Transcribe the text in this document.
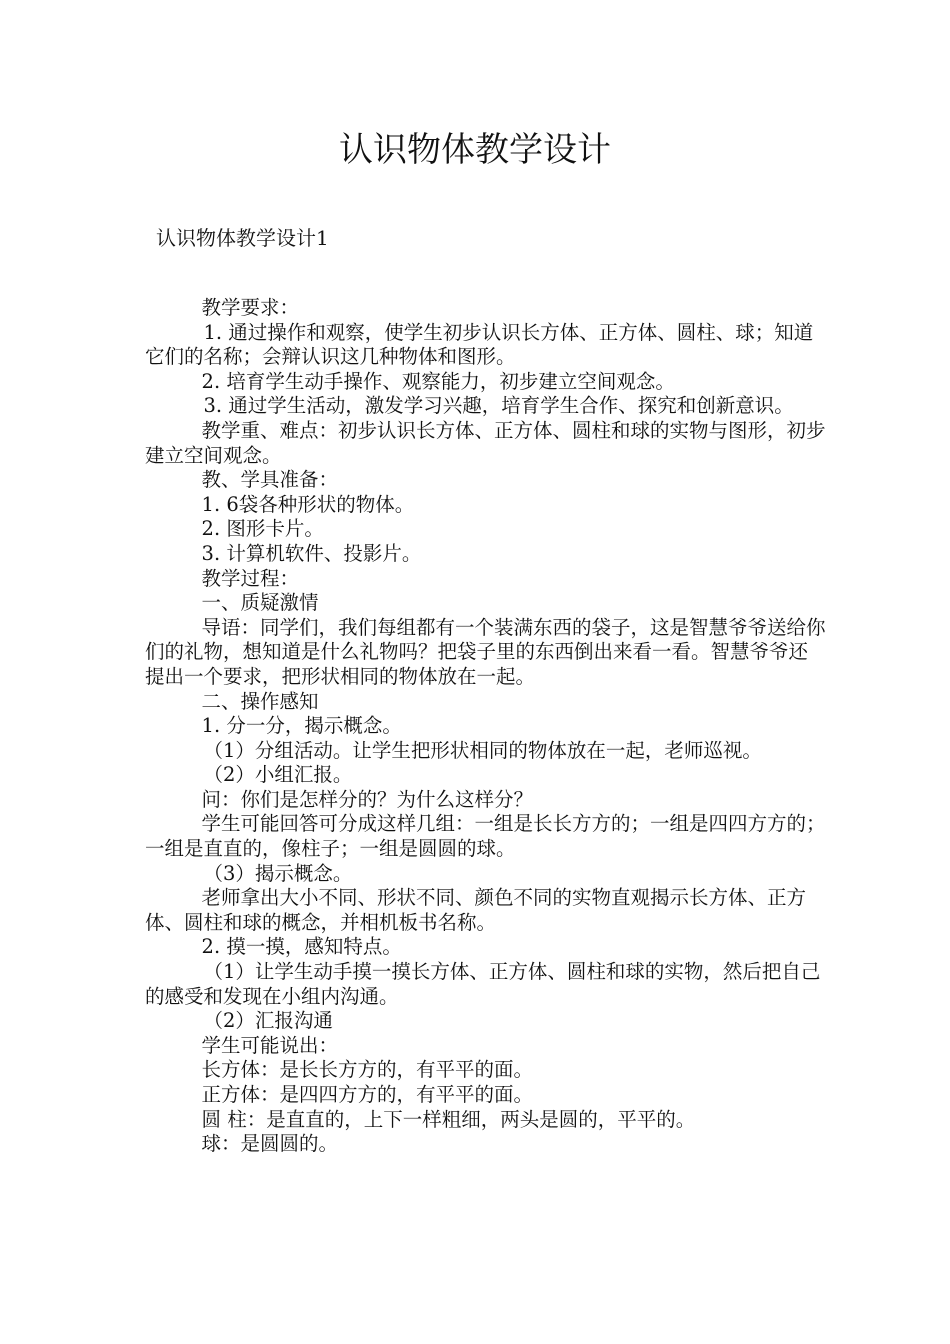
认识物体教学设计
认识物体教学设计1

教学要求：

1. 通过操作和观察，使学生初步认识长方体、正方体、圆柱、球；知道它们的名称；会辩认识这几种物体和图形。

2. 培育学生动手操作、观察能力，初步建立空间观念。

3. 通过学生活动，激发学习兴趣，培育学生合作、探究和创新意识。

教学重、难点：初步认识长方体、正方体、圆柱和球的实物与图形，初步建立空间观念。

教、学具准备：

1. 6袋各种形状的物体。

2. 图形卡片。

3. 计算机软件、投影片。

教学过程：

一、质疑激情

导语：同学们，我们每组都有一个装满东西的袋子，这是智慧爷爷送给你们的礼物，想知道是什么礼物吗？把袋子里的东西倒出来看一看。智慧爷爷还提出一个要求，把形状相同的物体放在一起。

二、操作感知

1. 分一分，揭示概念。

（1）分组活动。让学生把形状相同的物体放在一起，老师巡视。

（2）小组汇报。

问：你们是怎样分的？为什么这样分？

学生可能回答可分成这样几组：一组是长长方方的；一组是四四方方的；一组是直直的，像柱子；一组是圆圆的球。

（3）揭示概念。

老师拿出大小不同、形状不同、颜色不同的实物直观揭示长方体、正方体、圆柱和球的概念，并相机板书名称。

2. 摸一摸，感知特点。

（1）让学生动手摸一摸长方体、正方体、圆柱和球的实物，然后把自己的感受和发现在小组内沟通。

（2）汇报沟通

学生可能说出：

长方体：是长长方方的，有平平的面。

正方体：是四四方方的，有平平的面。

圆 柱：是直直的，上下一样粗细，两头是圆的，平平的。

球：是圆圆的。
